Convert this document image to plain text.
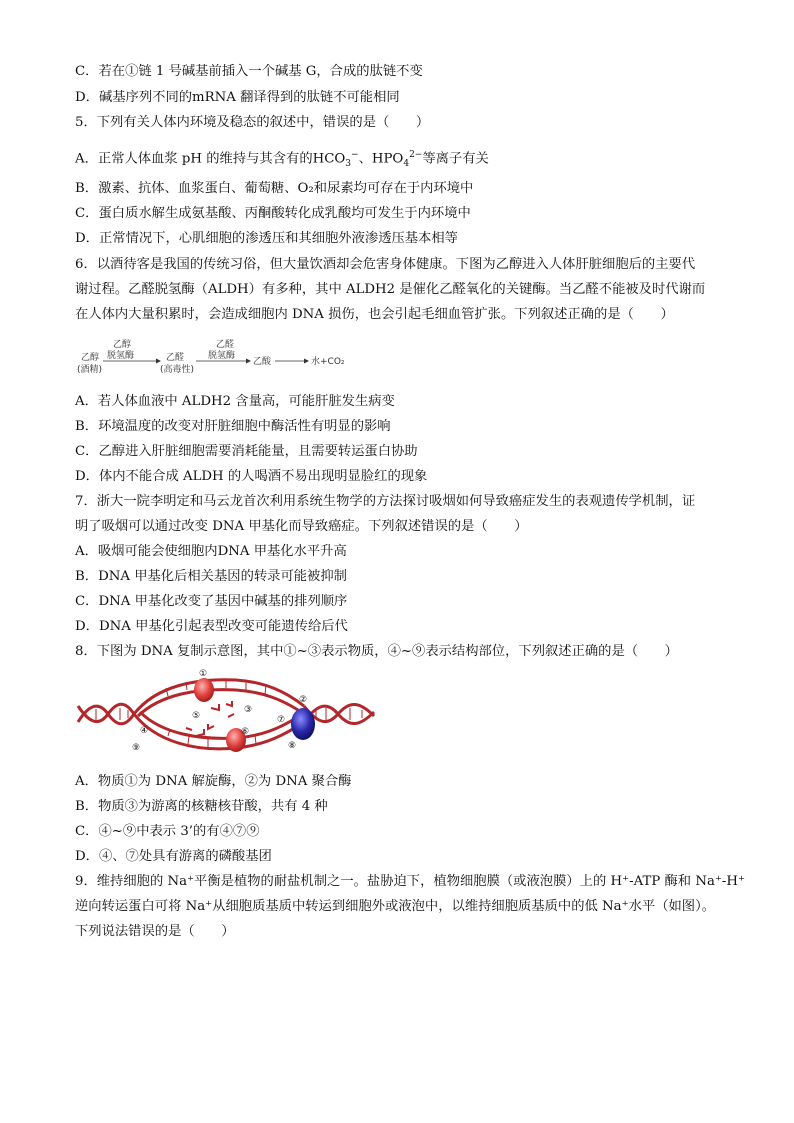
C．若在①链 1 号碱基前插入一个碱基 G，合成的肽链不变
D．碱基序列不同的mRNA 翻译得到的肽链不可能相同
5．下列有关人体内环境及稳态的叙述中，错误的是（　　）
A．正常人体血浆 pH 的维持与其含有的$HCO_3^-$、$HPO_4^{2-}$等离子有关
B．激素、抗体、血浆蛋白、葡萄糖、O₂和尿素均可存在于内环境中
C．蛋白质水解生成氨基酸、丙酮酸转化成乳酸均可发生于内环境中
D．正常情况下，心肌细胞的渗透压和其细胞外液渗透压基本相等
6．以酒待客是我国的传统习俗，但大量饮酒却会危害身体健康。下图为乙醇进入人体肝脏细胞后的主要代
谢过程。乙醛脱氢酶（ALDH）有多种，其中 ALDH2 是催化乙醛氧化的关键酶。当乙醛不能被及时代谢而
在人体内大量积累时，会造成细胞内 DNA 损伤，也会引起毛细血管扩张。下列叙述正确的是（　　）
乙醇
(酒精)
乙醇
脱氢酶	乙醛
(高毒性)
乙醛
脱氢酶
乙酸	水+CO₂
A．若人体血液中 ALDH2 含量高，可能肝脏发生病变
B．环境温度的改变对肝脏细胞中酶活性有明显的影响
C．乙醇进入肝脏细胞需要消耗能量，且需要转运蛋白协助
D．体内不能合成 ALDH 的人喝酒不易出现明显脸红的现象
7．浙大一院李明定和马云龙首次利用系统生物学的方法探讨吸烟如何导致癌症发生的表观遗传学机制，证
明了吸烟可以通过改变 DNA 甲基化而导致癌症。下列叙述错误的是（　　）
A．吸烟可能会使细胞内DNA 甲基化水平升高
B．DNA 甲基化后相关基因的转录可能被抑制
C．DNA 甲基化改变了基因中碱基的排列顺序
D．DNA 甲基化引起表型改变可能遗传给后代
8．下图为 DNA 复制示意图，其中①~③表示物质，④~⑨表示结构部位，下列叙述正确的是（　　）
①
②
③
④
⑤
⑥
⑦
⑧
⑨
A．物质①为 DNA 解旋酶，②为 DNA 聚合酶
B．物质③为游离的核糖核苷酸，共有 4 种
C．④~⑨中表示 3’的有④⑦⑨
D．④、⑦处具有游离的磷酸基团
9．维持细胞的 Na⁺平衡是植物的耐盐机制之一。盐胁迫下，植物细胞膜（或液泡膜）上的 H⁺-ATP 酶和 Na⁺-H⁺
逆向转运蛋白可将 Na⁺从细胞质基质中转运到细胞外或液泡中，以维持细胞质基质中的低 Na⁺水平（如图）。
下列说法错误的是（　　）
